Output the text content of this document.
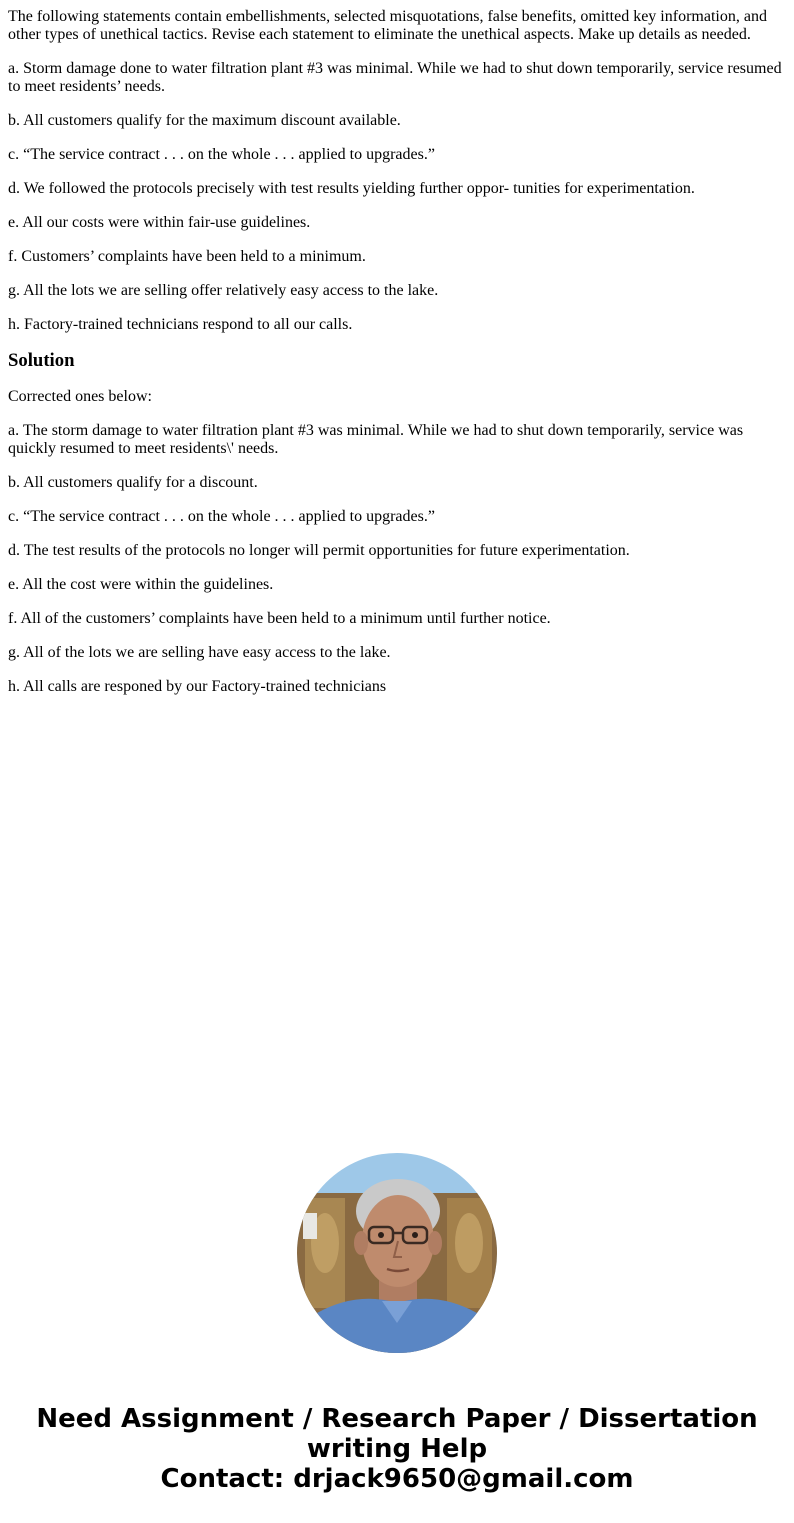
The following statements contain embellishments, selected misquotations, false benefits, omitted key information, and other types of unethical tactics. Revise each statement to eliminate the unethical aspects. Make up details as needed.

a. Storm damage done to water filtration plant #3 was minimal. While we had to shut down temporarily, service resumed to meet residents’ needs.

b. All customers qualify for the maximum discount available.

c. “The service contract . . . on the whole . . . applied to upgrades.”

d. We followed the protocols precisely with test results yielding further oppor- tunities for experimentation.

e. All our costs were within fair-use guidelines.

f. Customers’ complaints have been held to a minimum.

g. All the lots we are selling offer relatively easy access to the lake.

h. Factory-trained technicians respond to all our calls.

Solution

Corrected ones below:

a. The storm damage to water filtration plant #3 was minimal. While we had to shut down temporarily, service was quickly resumed to meet residents\' needs.

b. All customers qualify for a discount.

c. “The service contract . . . on the whole . . . applied to upgrades.”

d. The test results of the protocols no longer will permit opportunities for future experimentation.

e. All the cost were within the guidelines.

f. All of the customers’ complaints have been held to a minimum until further notice.

g. All of the lots we are selling have easy access to the lake.

h. All calls are responed by our Factory-trained technicians

Need Assignment / Research Paper / Dissertation
writing Help
Contact: drjack9650@gmail.com
